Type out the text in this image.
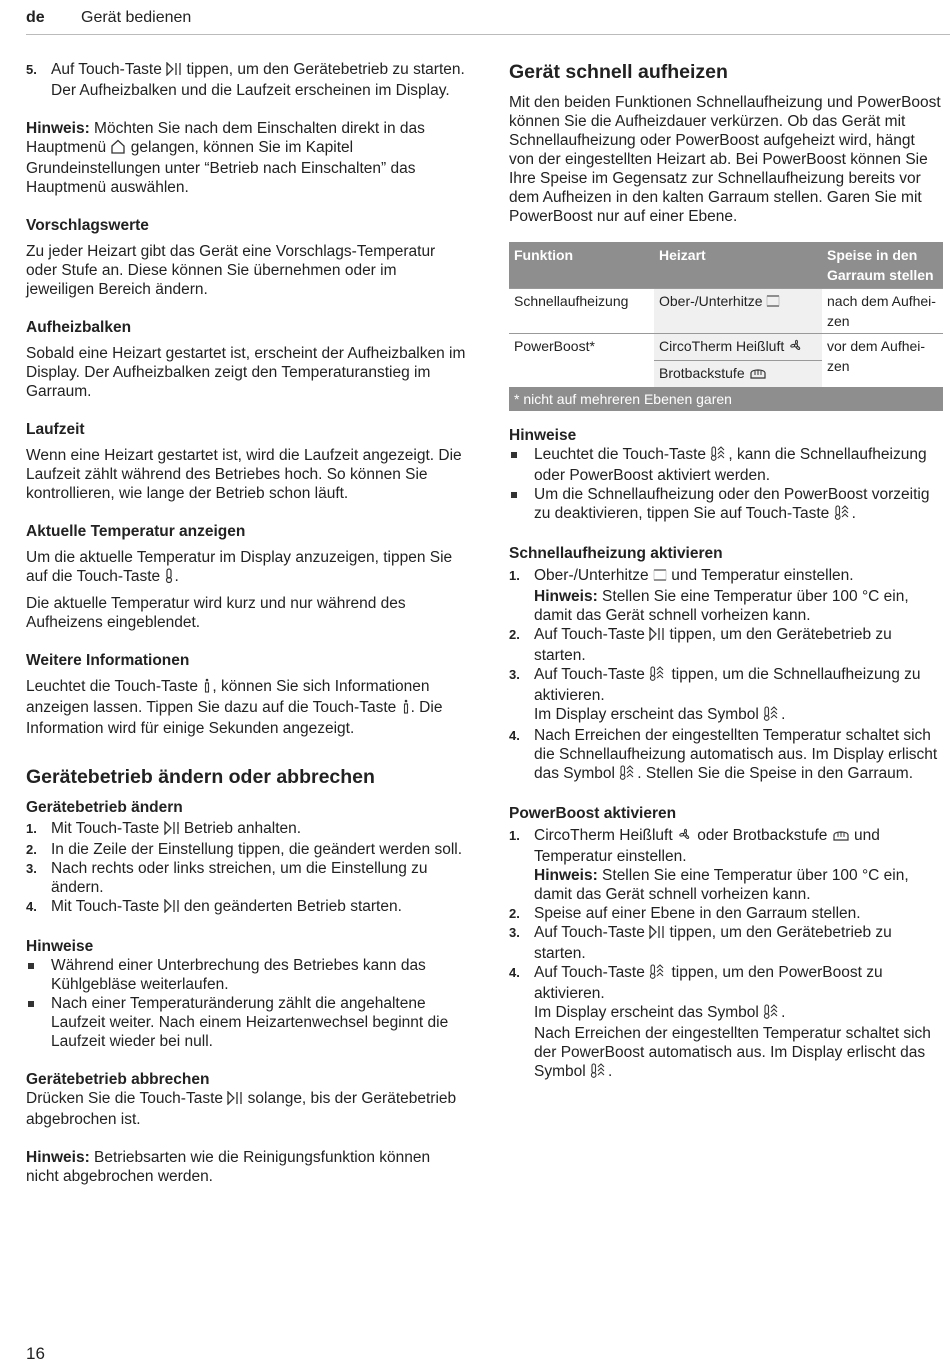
de Gerät bedienen
5. Auf Touch-Taste tippen, um den Gerätebetrieb zu starten.
Der Aufheizbalken und die Laufzeit erscheinen im Display.

Hinweis: Möchten Sie nach dem Einschalten direkt in das Hauptmenü gelangen, können Sie im Kapitel Grundeinstellungen unter “Betrieb nach Einschalten” das Hauptmenü auswählen.

Vorschlagswerte

Zu jeder Heizart gibt das Gerät eine Vorschlags-Temperatur oder Stufe an. Diese können Sie übernehmen oder im jeweiligen Bereich ändern.

Aufheizbalken

Sobald eine Heizart gestartet ist, erscheint der Aufheizbalken im Display. Der Aufheizbalken zeigt den Temperaturanstieg im Garraum.

Laufzeit

Wenn eine Heizart gestartet ist, wird die Laufzeit angezeigt. Die Laufzeit zählt während des Betriebes hoch. So können Sie kontrollieren, wie lange der Betrieb schon läuft.

Aktuelle Temperatur anzeigen

Um die aktuelle Temperatur im Display anzuzeigen, tippen Sie auf die Touch-Taste .

Die aktuelle Temperatur wird kurz und nur während des Aufheizens eingeblendet.

Weitere Informationen

Leuchtet die Touch-Taste , können Sie sich Informationen anzeigen lassen. Tippen Sie dazu auf die Touch-Taste . Die Information wird für einige Sekunden angezeigt.

Gerätebetrieb ändern oder abbrechen
Gerätebetrieb ändern
1. Mit Touch-Taste Betrieb anhalten.
2. In die Zeile der Einstellung tippen, die geändert werden soll.
3. Nach rechts oder links streichen, um die Einstellung zu ändern.
4. Mit Touch-Taste den geänderten Betrieb starten.
Hinweise
Während einer Unterbrechung des Betriebes kann das Kühlgebläse weiterlaufen.
Nach einer Temperaturänderung zählt die angehaltene Laufzeit weiter. Nach einem Heizartenwechsel beginnt die Laufzeit wieder bei null.
Gerätebetrieb abbrechen

Drücken Sie die Touch-Taste solange, bis der Gerätebetrieb abgebrochen ist.

Hinweis: Betriebsarten wie die Reinigungsfunktion können nicht abgebrochen werden.

Gerät schnell aufheizen

Mit den beiden Funktionen Schnellaufheizung und PowerBoost können Sie die Aufheizdauer verkürzen. Ob das Gerät mit Schnellaufheizung oder PowerBoost aufgeheizt wird, hängt von der eingestellten Heizart ab. Bei PowerBoost können Sie Ihre Speise im Gegensatz zur Schnellaufheizung bereits vor dem Aufheizen in den kalten Garraum stellen. Garen Sie mit PowerBoost nur auf einer Ebene.

Funktion	Heizart	Speise in den Garraum stellen
Schnellaufheizung	Ober-/Unterhitze	nach dem Aufhei-zen
PowerBoost*	CircoTherm Heißluft
Brotbackstufe	vor dem Aufhei-zen
* nicht auf mehreren Ebenen garen		
Hinweise
Leuchtet die Touch-Taste , kann die Schnellaufheizung oder PowerBoost aktiviert werden.
Um die Schnellaufheizung oder den PowerBoost vorzeitig zu deaktivieren, tippen Sie auf Touch-Taste .
Schnellaufheizung aktivieren
1. Ober-/Unterhitze und Temperatur einstellen.
Hinweis: Stellen Sie eine Temperatur über 100 °C ein, damit das Gerät schnell vorheizen kann.
2. Auf Touch-Taste tippen, um den Gerätebetrieb zu starten.
3. Auf Touch-Taste tippen, um die Schnellaufheizung zu aktivieren.
Im Display erscheint das Symbol .
4. Nach Erreichen der eingestellten Temperatur schaltet sich die Schnellaufheizung automatisch aus. Im Display erlischt das Symbol . Stellen Sie die Speise in den Garraum.
PowerBoost aktivieren
1. CircoTherm Heißluft oder Brotbackstufe und Temperatur einstellen.
Hinweis: Stellen Sie eine Temperatur über 100 °C ein, damit das Gerät schnell vorheizen kann.
2. Speise auf einer Ebene in den Garraum stellen.
3. Auf Touch-Taste tippen, um den Gerätebetrieb zu starten.
4. Auf Touch-Taste tippen, um den PowerBoost zu aktivieren.
Im Display erscheint das Symbol .
Nach Erreichen der eingestellten Temperatur schaltet sich der PowerBoost automatisch aus. Im Display erlischt das Symbol .
16
